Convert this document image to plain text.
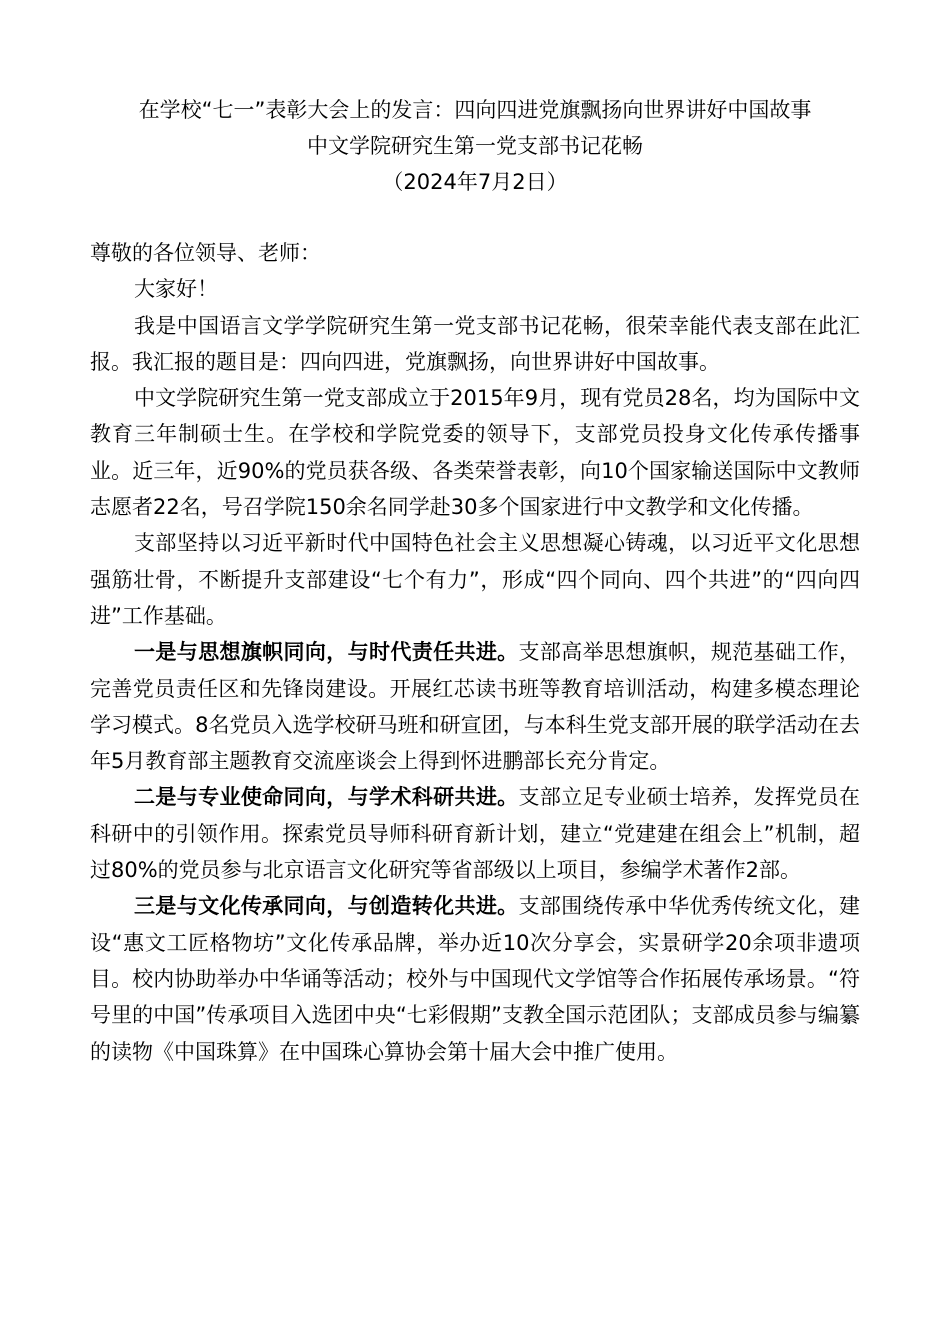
在学校“七一”表彰大会上的发言：四向四进党旗飘扬向世界讲好中国故事
中文学院研究生第一党支部书记花畅
（2024年7月2日）

尊敬的各位领导、老师：

大家好！

我是中国语言文学学院研究生第一党支部书记花畅，很荣幸能代表支部在此汇报。我汇报的题目是：四向四进，党旗飘扬，向世界讲好中国故事。

中文学院研究生第一党支部成立于2015年9月，现有党员28名，均为国际中文教育三年制硕士生。在学校和学院党委的领导下，支部党员投身文化传承传播事业。近三年，近90%的党员获各级、各类荣誉表彰，向10个国家输送国际中文教师志愿者22名，号召学院150余名同学赴30多个国家进行中文教学和文化传播。

支部坚持以习近平新时代中国特色社会主义思想凝心铸魂，以习近平文化思想强筋壮骨，不断提升支部建设“七个有力”，形成“四个同向、四个共进”的“四向四进”工作基础。

一是与思想旗帜同向，与时代责任共进。支部高举思想旗帜，规范基础工作，完善党员责任区和先锋岗建设。开展红芯读书班等教育培训活动，构建多模态理论学习模式。8名党员入选学校研马班和研宣团，与本科生党支部开展的联学活动在去年5月教育部主题教育交流座谈会上得到怀进鹏部长充分肯定。

二是与专业使命同向，与学术科研共进。支部立足专业硕士培养，发挥党员在科研中的引领作用。探索党员导师科研育新计划，建立“党建建在组会上”机制，超过80%的党员参与北京语言文化研究等省部级以上项目，参编学术著作2部。

三是与文化传承同向，与创造转化共进。支部围绕传承中华优秀传统文化，建设“惠文工匠格物坊”文化传承品牌，举办近10次分享会，实景研学20余项非遗项目。校内协助举办中华诵等活动；校外与中国现代文学馆等合作拓展传承场景。“符号里的中国”传承项目入选团中央“七彩假期”支教全国示范团队；支部成员参与编纂的读物《中国珠算》在中国珠心算协会第十届大会中推广使用。
